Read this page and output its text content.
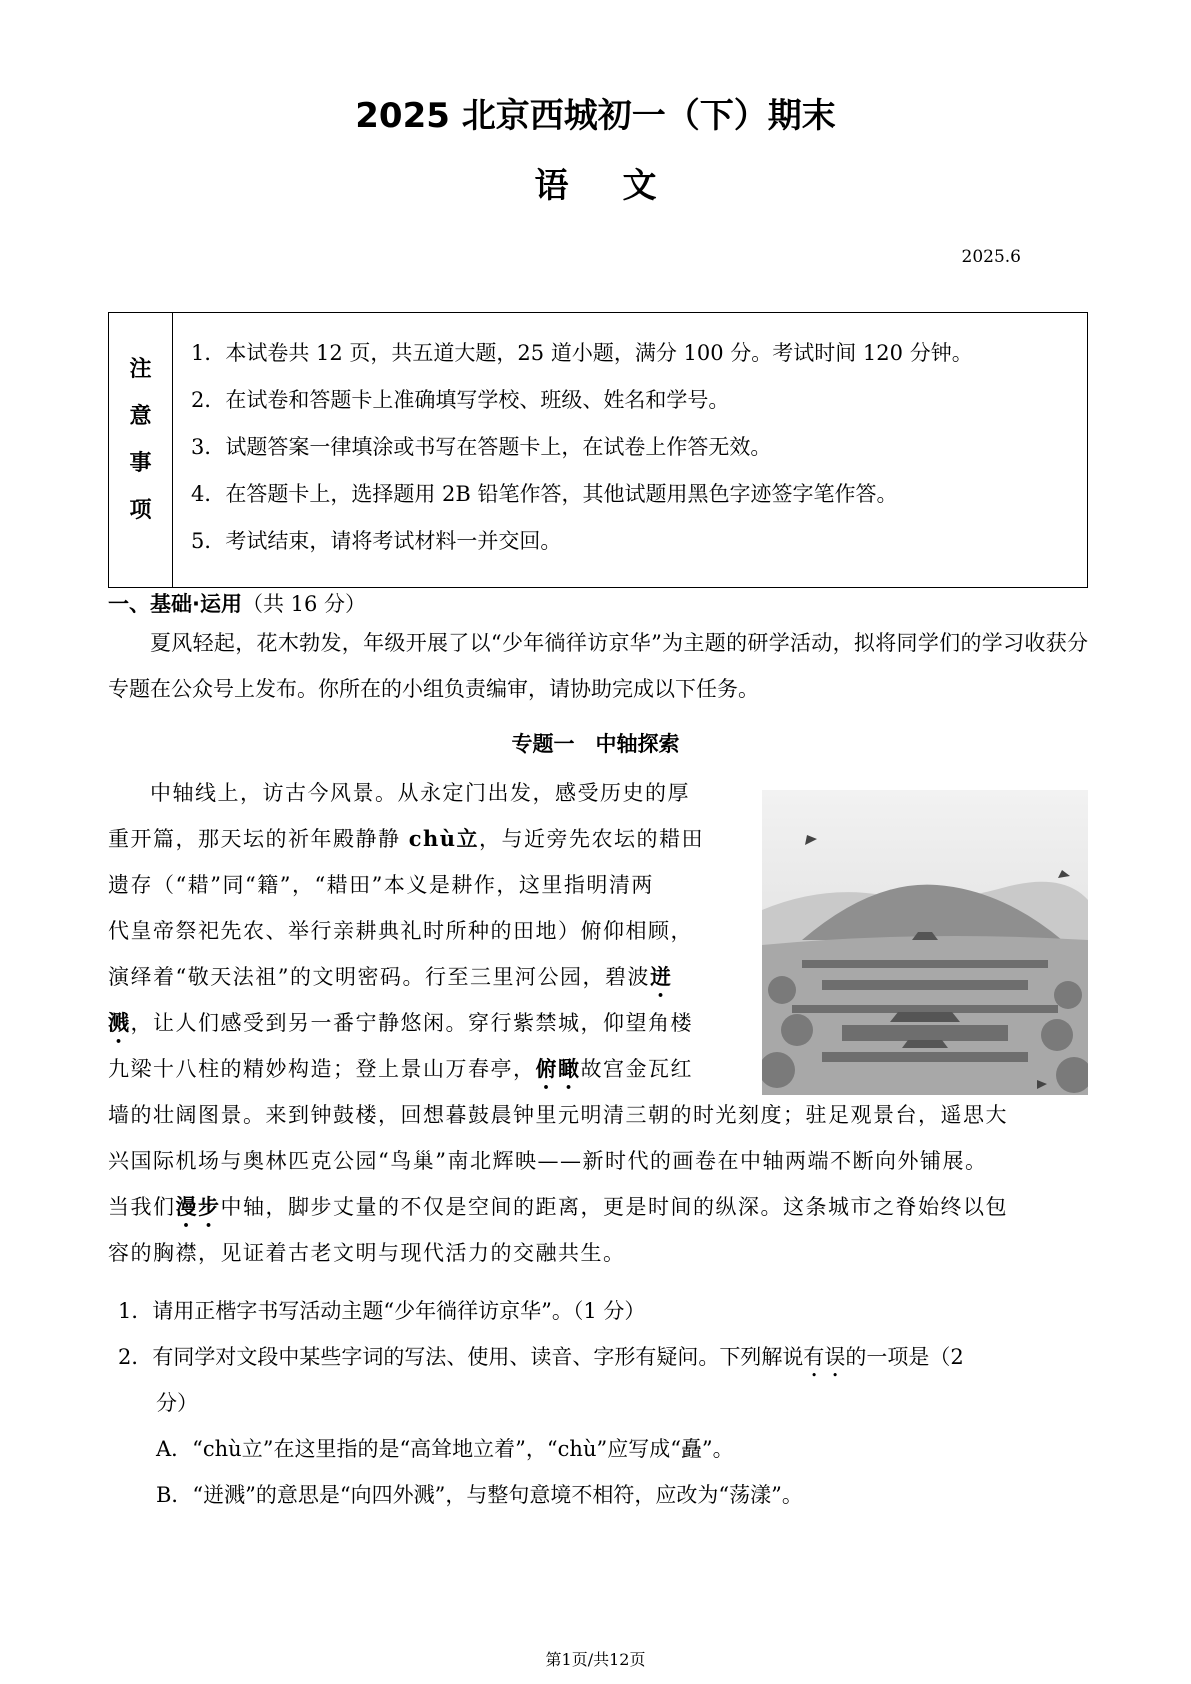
2025 北京西城初一（下）期末
语文
2025.6
注
意
事
项
1．本试卷共 12 页，共五道大题，25 道小题，满分 100 分。考试时间 120 分钟。
2．在试卷和答题卡上准确填写学校、班级、姓名和学号。
3．试题答案一律填涂或书写在答题卡上，在试卷上作答无效。
4．在答题卡上，选择题用 2B 铅笔作答，其他试题用黑色字迹签字笔作答。
5．考试结束，请将考试材料一并交回。
一、基础·运用（共 16 分）
夏风轻起，花木勃发，年级开展了以“少年徜徉访京华”为主题的研学活动，拟将同学们的学习收获分专题在公众号上发布。你所在的小组负责编审，请协助完成以下任务。
专题一　中轴探索
中轴线上，访古今风景。从永定门出发，感受历史的厚
重开篇，那天坛的祈年殿静静 chù立，与近旁先农坛的耤田
遗存（“耤”同“籍”，“耤田”本义是耕作，这里指明清两
代皇帝祭祀先农、举行亲耕典礼时所种的田地）俯仰相顾，
演绎着“敬天法祖”的文明密码。行至三里河公园，碧波迸
溅，让人们感受到另一番宁静悠闲。穿行紫禁城，仰望角楼
九梁十八柱的精妙构造；登上景山万春亭，俯瞰故宫金瓦红
墙的壮阔图景。来到钟鼓楼，回想暮鼓晨钟里元明清三朝的时光刻度；驻足观景台，遥思大
兴国际机场与奥林匹克公园“鸟巢”南北辉映——新时代的画卷在中轴两端不断向外铺展。
当我们漫步中轴，脚步丈量的不仅是空间的距离，更是时间的纵深。这条城市之脊始终以包
容的胸襟，见证着古老文明与现代活力的交融共生。
1．请用正楷字书写活动主题“少年徜徉访京华”。（1 分）
2．有同学对文段中某些字词的写法、使用、读音、字形有疑问。下列解说有误的一项是（2
分）
A．“chù立”在这里指的是“高耸地立着”，“chù”应写成“矗”。
B．“迸溅”的意思是“向四外溅”，与整句意境不相符，应改为“荡漾”。
第1页/共12页
